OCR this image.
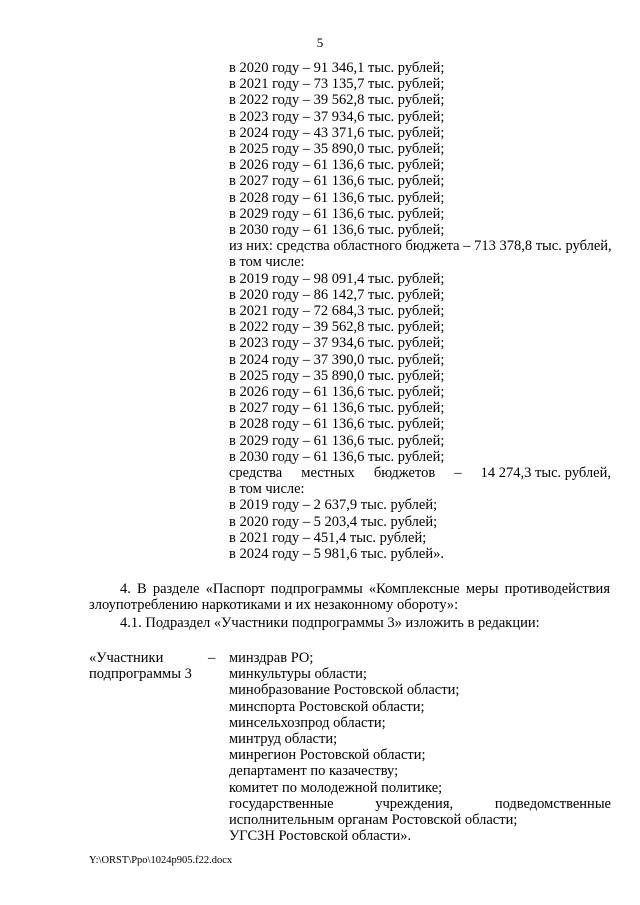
5
в 2020 году – 91 346,1 тыс. рублей;
в 2021 году – 73 135,7 тыс. рублей;
в 2022 году – 39 562,8 тыс. рублей;
в 2023 году – 37 934,6 тыс. рублей;
в 2024 году – 43 371,6 тыс. рублей;
в 2025 году – 35 890,0 тыс. рублей;
в 2026 году – 61 136,6 тыс. рублей;
в 2027 году – 61 136,6 тыс. рублей;
в 2028 году – 61 136,6 тыс. рублей;
в 2029 году – 61 136,6 тыс. рублей;
в 2030 году – 61 136,6 тыс. рублей;
из них: средства областного бюджета – 713 378,8 тыс. рублей,
в том числе:
в 2019 году – 98 091,4 тыс. рублей;
в 2020 году – 86 142,7 тыс. рублей;
в 2021 году – 72 684,3 тыс. рублей;
в 2022 году – 39 562,8 тыс. рублей;
в 2023 году – 37 934,6 тыс. рублей;
в 2024 году – 37 390,0 тыс. рублей;
в 2025 году – 35 890,0 тыс. рублей;
в 2026 году – 61 136,6 тыс. рублей;
в 2027 году – 61 136,6 тыс. рублей;
в 2028 году – 61 136,6 тыс. рублей;
в 2029 году – 61 136,6 тыс. рублей;
в 2030 году – 61 136,6 тыс. рублей;
средства местных бюджетов – 14 274,3 тыс. рублей,
в том числе:
в 2019 году – 2 637,9 тыс. рублей;
в 2020 году – 5 203,4 тыс. рублей;
в 2021 году – 451,4 тыс. рублей;
в 2024 году – 5 981,6 тыс. рублей».
4. В разделе «Паспорт подпрограммы «Комплексные меры противодействия злоупотреблению наркотиками и их незаконному обороту»:
4.1. Подраздел «Участники подпрограммы 3» изложить в редакции:
«Участники
подпрограммы 3
– минздрав РО;
минкультуры области;
минобразование Ростовской области;
минспорта Ростовской области;
минсельхозпрод области;
минтруд области;
минрегион Ростовской области;
департамент по казачеству;
комитет по молодежной политике;
государственные	учреждения,	подведомственные
исполнительным органам Ростовской области;
УГСЗН Ростовской области».
Y:\ORST\Ppo\1024p905.f22.docx
